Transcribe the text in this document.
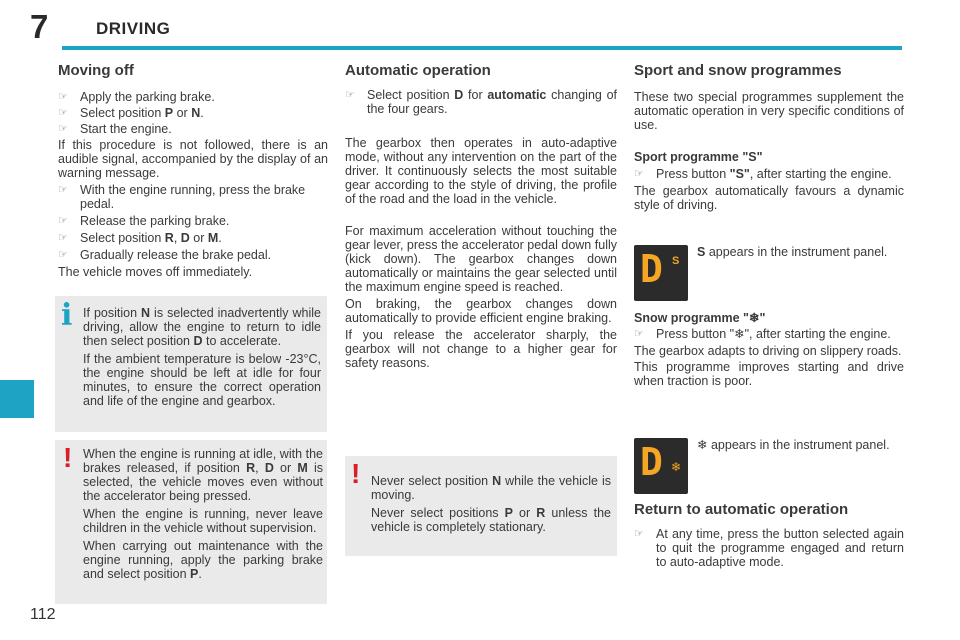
7	DRIVING
112
Moving off
☞ Apply the parking brake.
☞ Select position P or N.
☞ Start the engine.
If this procedure is not followed, there is an audible signal, accompanied by the display of an warning message.
☞ With the engine running, press the brake pedal.
☞ Release the parking brake.
☞ Select position R, D or M.
☞ Gradually release the brake pedal.
The vehicle moves off immediately.
i If position N is selected inadvertently while driving, allow the engine to return to idle then select position D to accelerate.
If the ambient temperature is below -23°C, the engine should be left at idle for four minutes, to ensure the correct operation and life of the engine and gearbox.
! When the engine is running at idle, with the brakes released, if position R, D or M is selected, the vehicle moves even without the accelerator being pressed.
When the engine is running, never leave children in the vehicle without supervision.
When carrying out maintenance with the engine running, apply the parking brake and select position P.
Automatic operation
☞ Select position D for automatic changing of the four gears.
The gearbox then operates in auto-adaptive mode, without any intervention on the part of the driver. It continuously selects the most suitable gear according to the style of driving, the profile of the road and the load in the vehicle.
For maximum acceleration without touching the gear lever, press the accelerator pedal down fully (kick down). The gearbox changes down automatically or maintains the gear selected until the maximum engine speed is reached.
On braking, the gearbox changes down automatically to provide efficient engine braking.
If you release the accelerator sharply, the gearbox will not change to a higher gear for safety reasons.
! Never select position N while the vehicle is moving.
Never select positions P or R unless the vehicle is completely stationary.
Sport and snow programmes
These two special programmes supplement the automatic operation in very specific conditions of use.
Sport programme "S"
☞ Press button "S", after starting the engine.
The gearbox automatically favours a dynamic style of driving.
D S
S appears in the instrument panel.
Snow programme "❄"
☞ Press button "❄", after starting the engine.
The gearbox adapts to driving on slippery roads.
This programme improves starting and drive when traction is poor.
D ❄
❄ appears in the instrument panel.
Return to automatic operation
☞ At any time, press the button selected again to quit the programme engaged and return to auto-adaptive mode.
